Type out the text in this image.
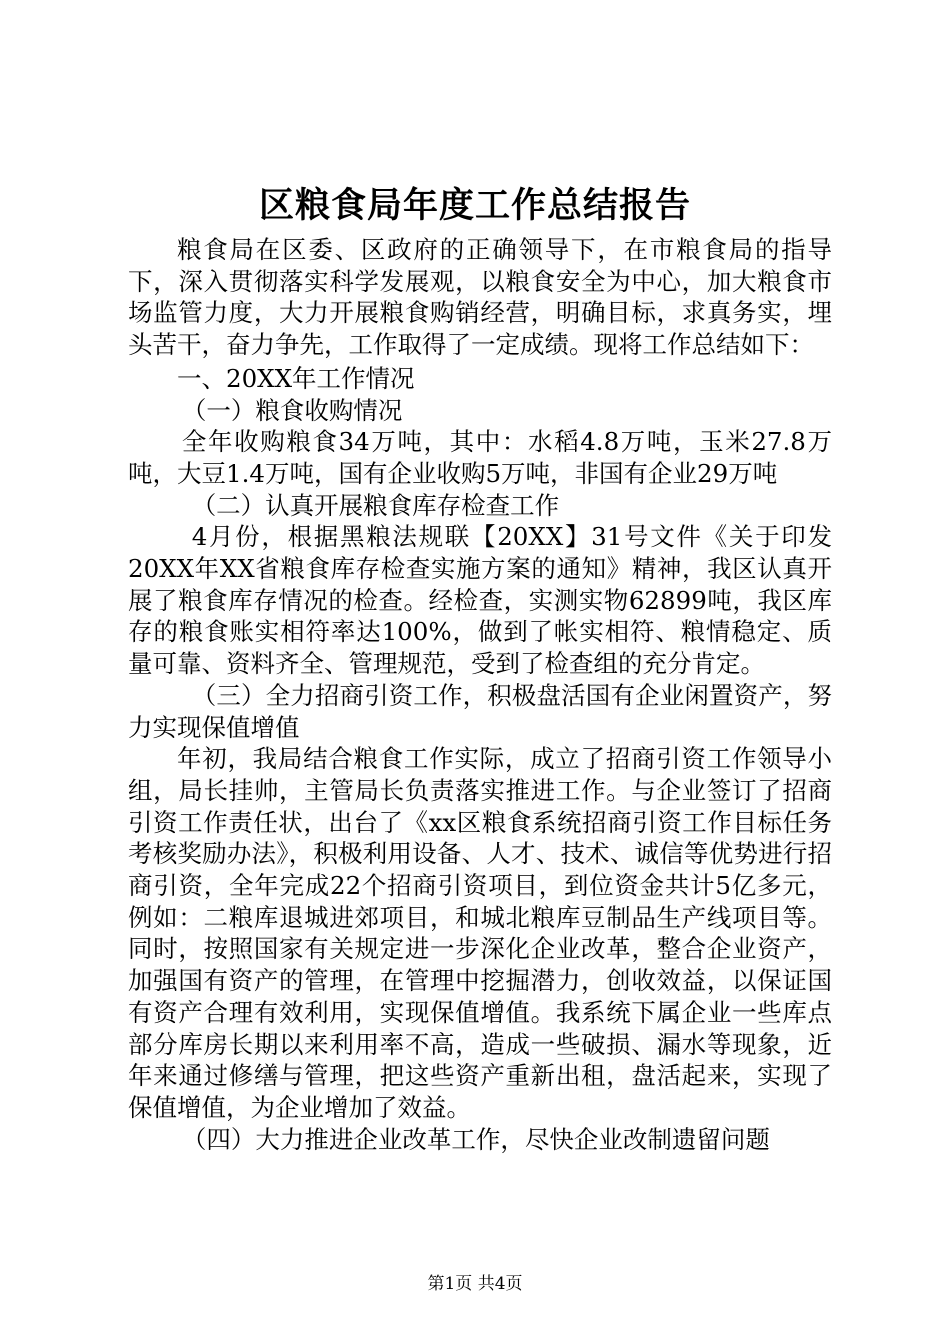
区粮食局年度工作总结报告

粮食局在区委、区政府的正确领导下，在市粮食局的指导下，深入贯彻落实科学发展观，以粮食安全为中心，加大粮食市场监管力度，大力开展粮食购销经营，明确目标，求真务实，埋头苦干，奋力争先，工作取得了一定成绩。现将工作总结如下：

一、20XX年工作情况

（一）粮食收购情况

全年收购粮食34万吨，其中：水稻4.8万吨，玉米27.8万吨，大豆1.4万吨，国有企业收购5万吨，非国有企业29万吨

（二）认真开展粮食库存检查工作

4月份，根据黑粮法规联【20XX】31号文件《关于印发20XX年XX省粮食库存检查实施方案的通知》精神，我区认真开展了粮食库存情况的检查。经检查，实测实物62899吨，我区库存的粮食账实相符率达100%，做到了帐实相符、粮情稳定、质量可靠、资料齐全、管理规范，受到了检查组的充分肯定。

（三）全力招商引资工作，积极盘活国有企业闲置资产，努力实现保值增值

年初，我局结合粮食工作实际，成立了招商引资工作领导小组，局长挂帅，主管局长负责落实推进工作。与企业签订了招商引资工作责任状，出台了《xx区粮食系统招商引资工作目标任务考核奖励办法》，积极利用设备、人才、技术、诚信等优势进行招商引资，全年完成22个招商引资项目，到位资金共计5亿多元，例如：二粮库退城进郊项目，和城北粮库豆制品生产线项目等。同时，按照国家有关规定进一步深化企业改革，整合企业资产，加强国有资产的管理，在管理中挖掘潜力，创收效益，以保证国有资产合理有效利用，实现保值增值。我系统下属企业一些库点部分库房长期以来利用率不高，造成一些破损、漏水等现象，近年来通过修缮与管理，把这些资产重新出租，盘活起来，实现了保值增值，为企业增加了效益。

（四）大力推进企业改革工作，尽快企业改制遗留问题

第1页 共4页
